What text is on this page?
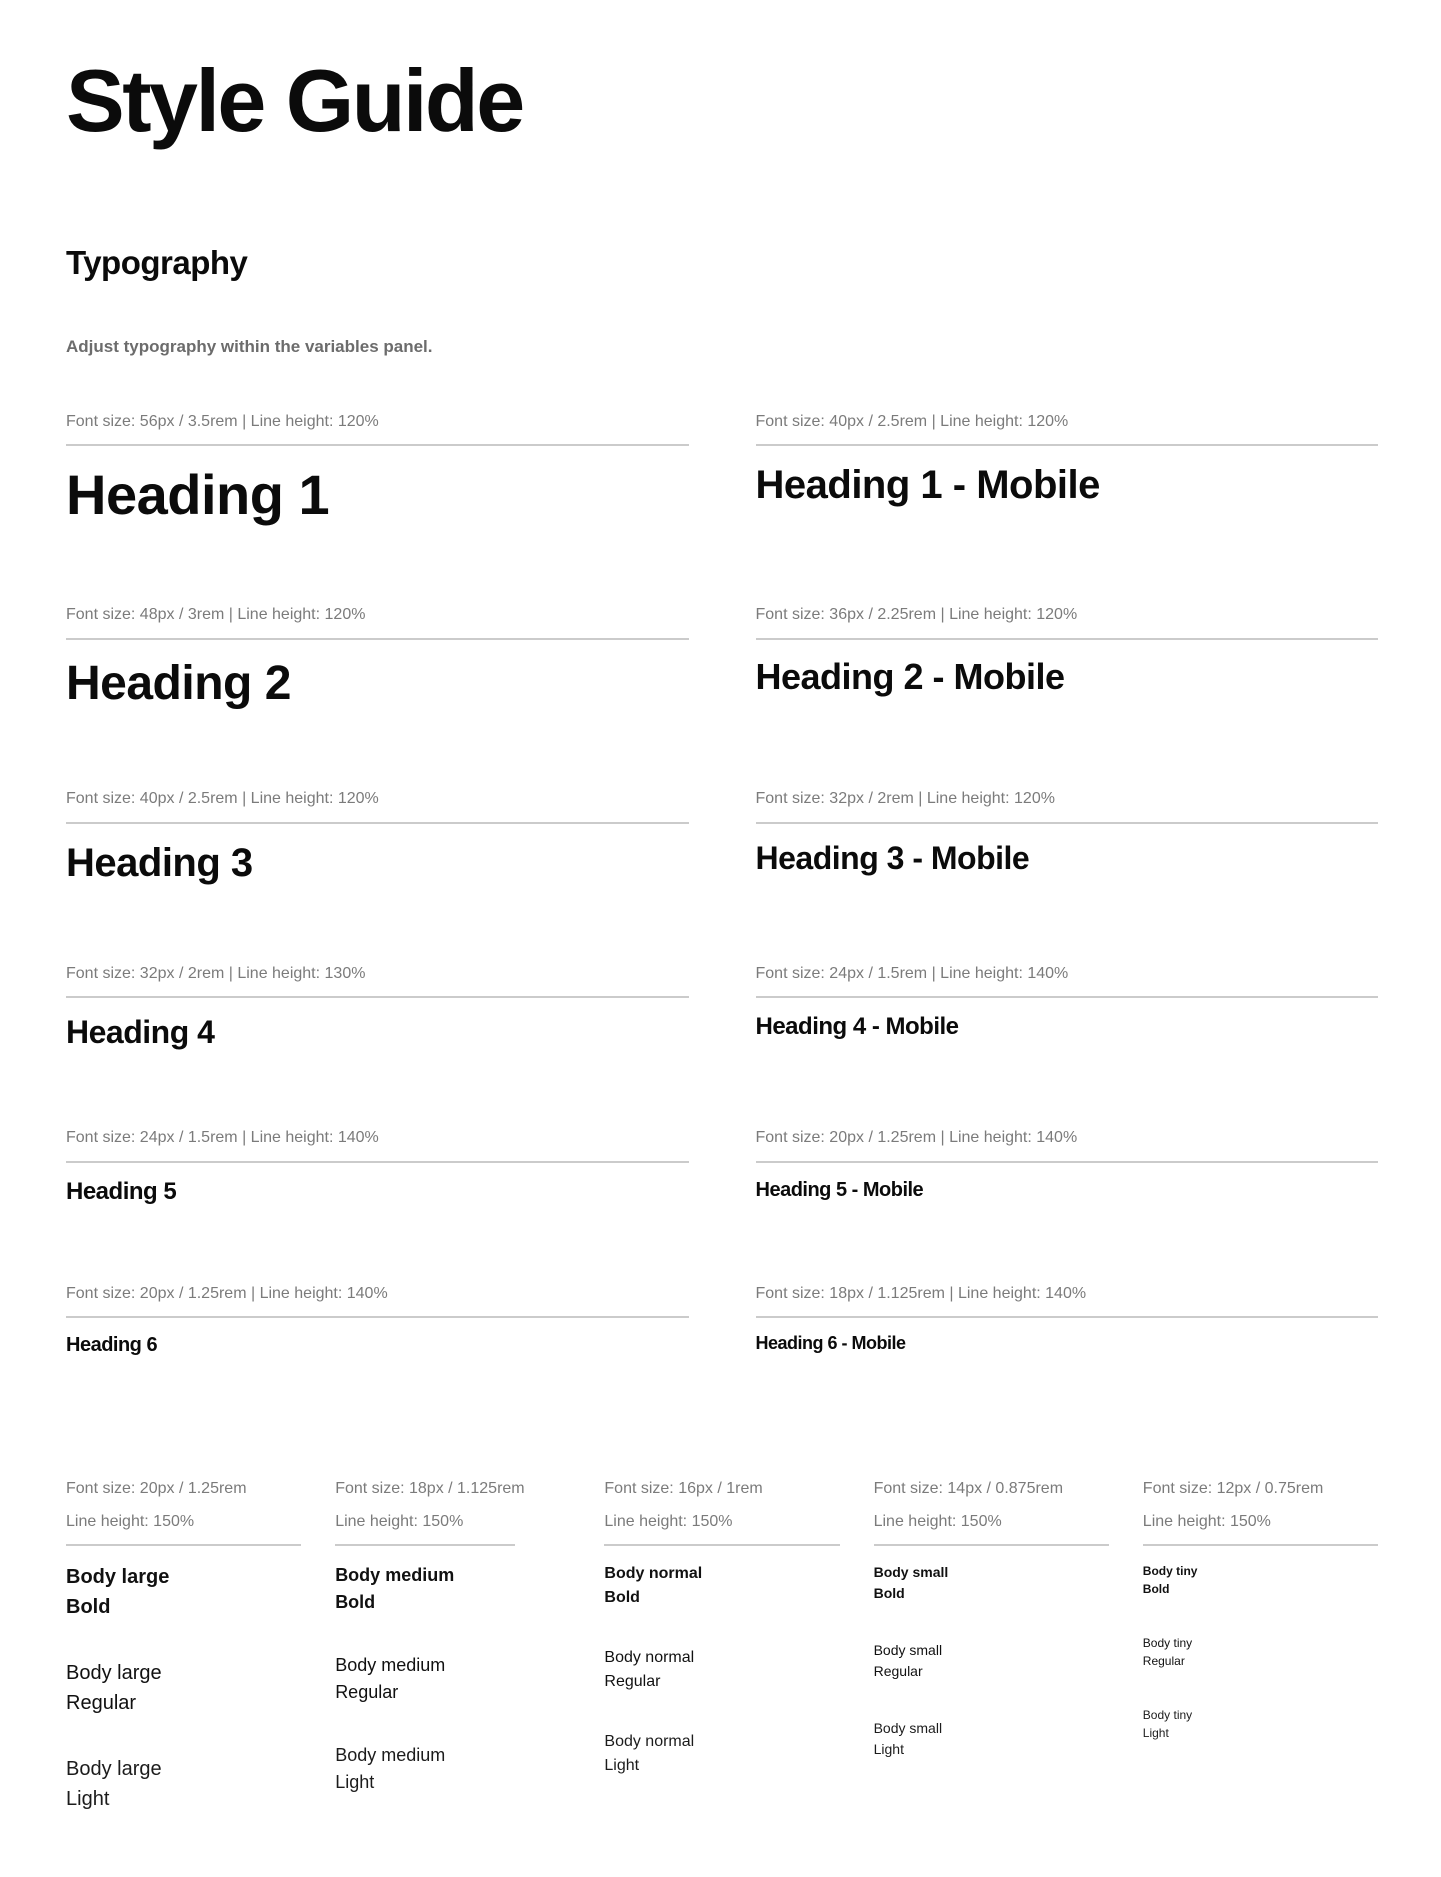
Style Guide
Typography

Adjust typography within the variables panel.

Font size: 56px / 3.5rem | Line height: 120%

Heading 1

Font size: 40px / 2.5rem | Line height: 120%

Heading 1 - Mobile

Font size: 48px / 3rem | Line height: 120%

Heading 2

Font size: 36px / 2.25rem | Line height: 120%

Heading 2 - Mobile

Font size: 40px / 2.5rem | Line height: 120%

Heading 3

Font size: 32px / 2rem | Line height: 120%

Heading 3 - Mobile

Font size: 32px / 2rem | Line height: 130%

Heading 4

Font size: 24px / 1.5rem | Line height: 140%

Heading 4 - Mobile

Font size: 24px / 1.5rem | Line height: 140%

Heading 5

Font size: 20px / 1.25rem | Line height: 140%

Heading 5 - Mobile

Font size: 20px / 1.25rem | Line height: 140%

Heading 6

Font size: 18px / 1.125rem | Line height: 140%

Heading 6 - Mobile

Font size: 20px / 1.25rem
Line height: 150%

Body large
Bold
Body large
Regular
Body large
Light

Font size: 18px / 1.125rem
Line height: 150%

Body medium
Bold
Body medium
Regular
Body medium
Light

Font size: 16px / 1rem
Line height: 150%

Body normal
Bold
Body normal
Regular
Body normal
Light

Font size: 14px / 0.875rem
Line height: 150%

Body small
Bold
Body small
Regular
Body small
Light

Font size: 12px / 0.75rem
Line height: 150%

Body tiny
Bold
Body tiny
Regular
Body tiny
Light
